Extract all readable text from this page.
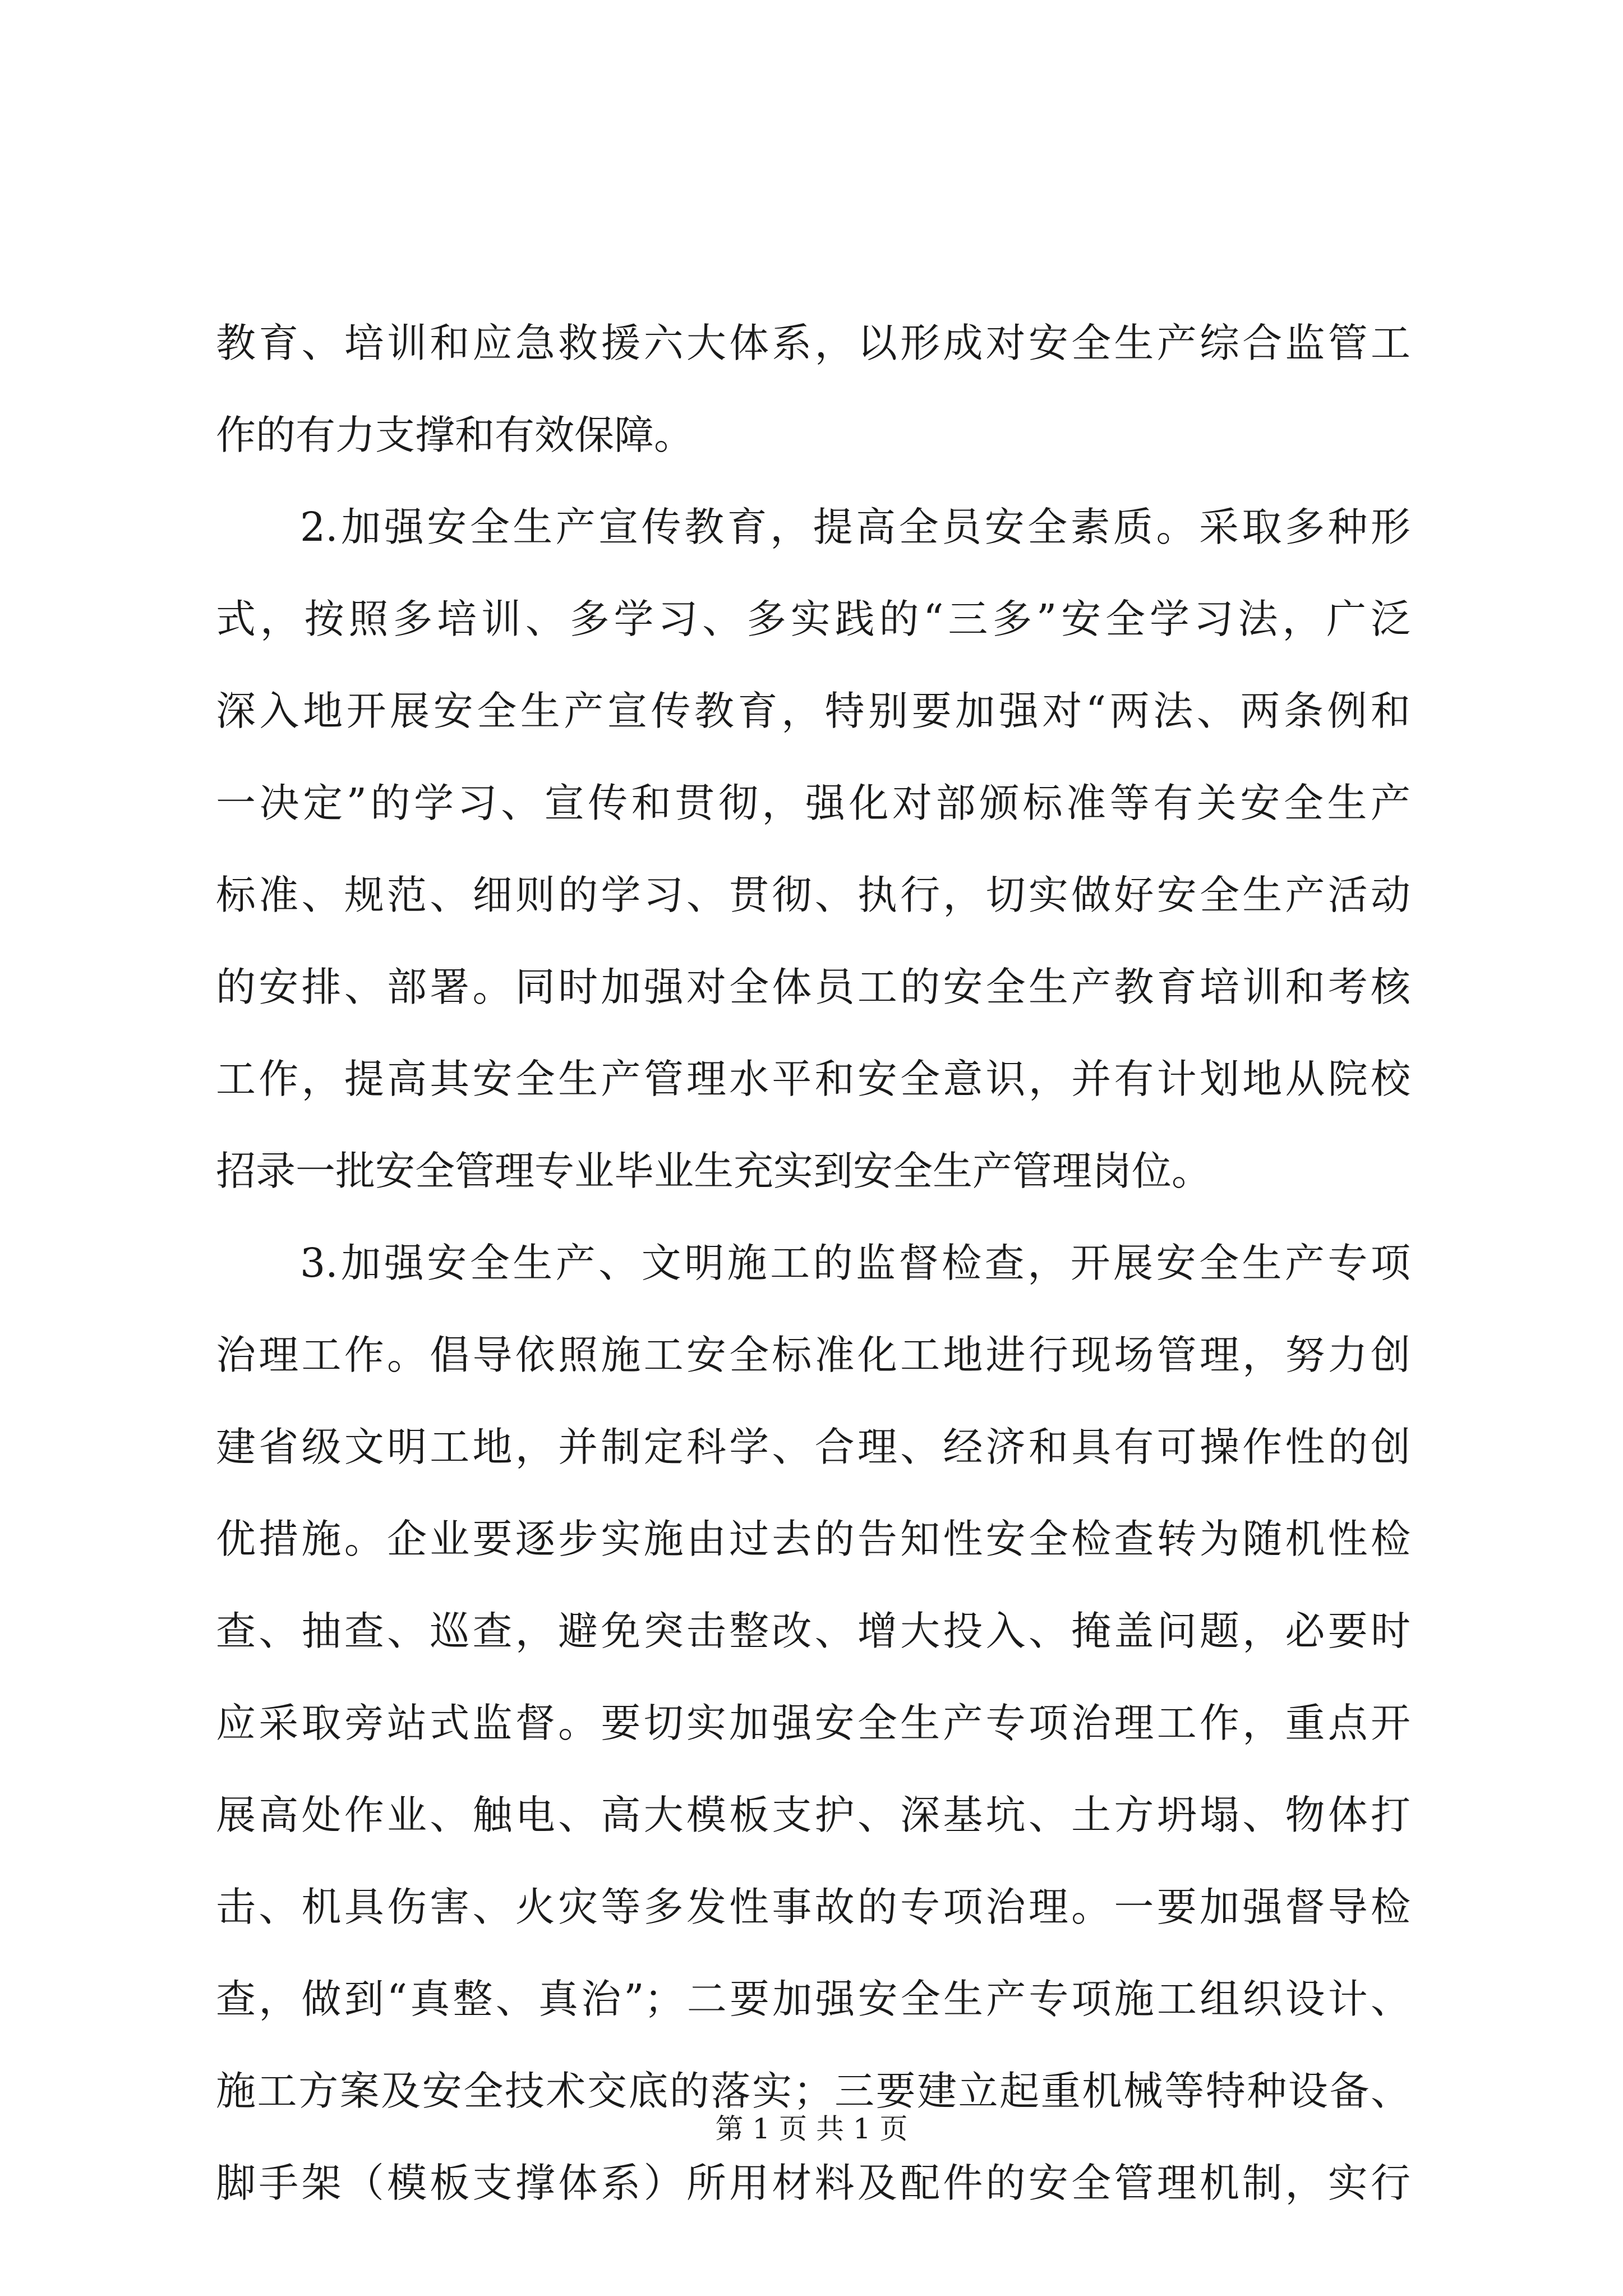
教育、培训和应急救援六大体系，以形成对安全生产综合监管工
作的有力支撑和有效保障。
2.加强安全生产宣传教育，提高全员安全素质。采取多种形
式，按照多培训、多学习、多实践的“三多”安全学习法，广泛
深入地开展安全生产宣传教育，特别要加强对“两法、两条例和
一决定”的学习、宣传和贯彻，强化对部颁标准等有关安全生产
标准、规范、细则的学习、贯彻、执行，切实做好安全生产活动
的安排、部署。同时加强对全体员工的安全生产教育培训和考核
工作，提高其安全生产管理水平和安全意识，并有计划地从院校
招录一批安全管理专业毕业生充实到安全生产管理岗位。
3.加强安全生产、文明施工的监督检查，开展安全生产专项
治理工作。倡导依照施工安全标准化工地进行现场管理，努力创
建省级文明工地，并制定科学、合理、经济和具有可操作性的创
优措施。企业要逐步实施由过去的告知性安全检查转为随机性检
查、抽查、巡查，避免突击整改、增大投入、掩盖问题，必要时
应采取旁站式监督。要切实加强安全生产专项治理工作，重点开
展高处作业、触电、高大模板支护、深基坑、土方坍塌、物体打
击、机具伤害、火灾等多发性事故的专项治理。一要加强督导检
查，做到“真整、真治”；二要加强安全生产专项施工组织设计、
施工方案及安全技术交底的落实；三要建立起重机械等特种设备、
脚手架（模板支撑体系）所用材料及配件的安全管理机制，实行
第 1 页 共 1 页
